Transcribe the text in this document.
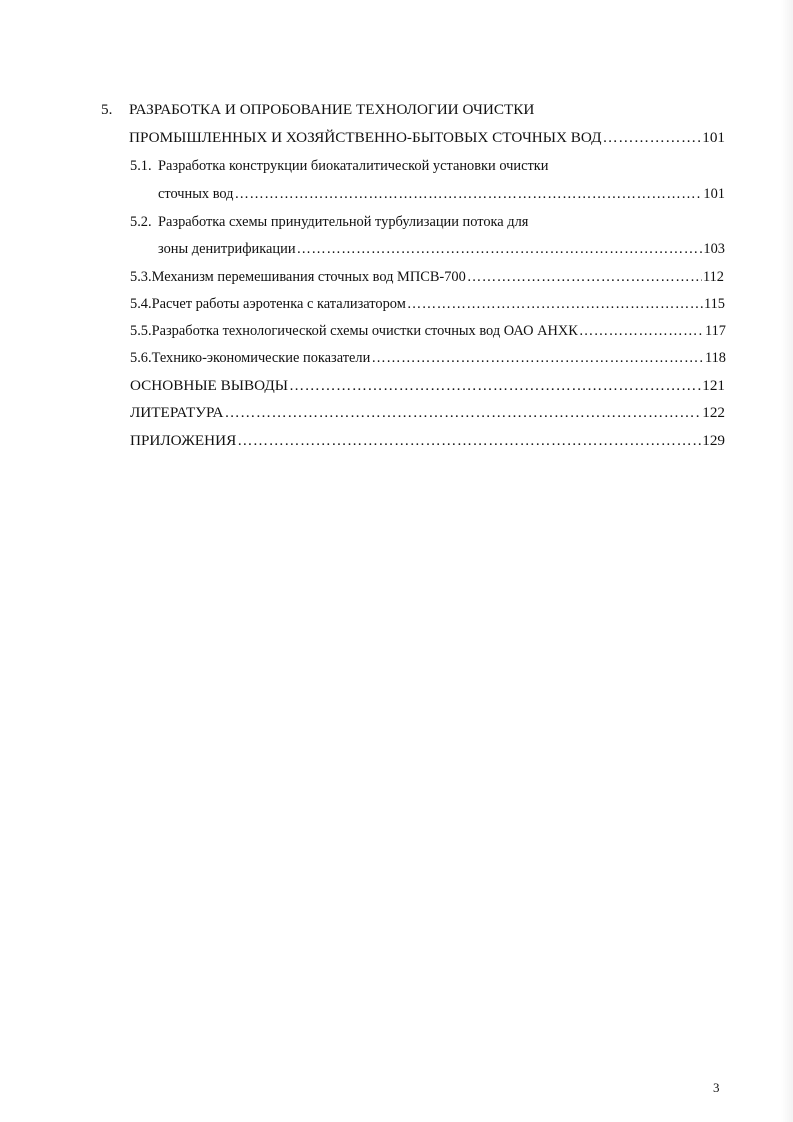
5.	РАЗРАБОТКА И ОПРОБОВАНИЕ ТЕХНОЛОГИИ ОЧИСТКИ
ПРОМЫШЛЕННЫХ И ХОЗЯЙСТВЕННО-БЫТОВЫХ СТОЧНЫХ ВОД …………………………………………………………………………………………………………………………………………………………………………………………………………………………	101
5.1. Разработка конструкции биокаталитической установки очистки
сточных вод …………………………………………………………………………………………………………………………………………………………………………………………………………………………	101
5.2. Разработка схемы принудительной турбулизации потока для
зоны денитрификации …………………………………………………………………………………………………………………………………………………………………………………………………………………………	103
5.3. Механизм перемешивания сточных вод МПСВ-700 …………………………………………………………………………………………………………………………………………………………………………………………………………………………	112
5.4. Расчет работы аэротенка с катализатором …………………………………………………………………………………………………………………………………………………………………………………………………………………………	115
5.5. Разработка технологической схемы очистки сточных вод ОАО АНХК …………………………………………………………………………………………………………………………………………………………………………………………………………………………	117
5.6. Технико-экономические показатели …………………………………………………………………………………………………………………………………………………………………………………………………………………………	118
ОСНОВНЫЕ ВЫВОДЫ …………………………………………………………………………………………………………………………………………………………………………………………………………………………	121
ЛИТЕРАТУРА …………………………………………………………………………………………………………………………………………………………………………………………………………………………	122
ПРИЛОЖЕНИЯ …………………………………………………………………………………………………………………………………………………………………………………………………………………………	129
3
